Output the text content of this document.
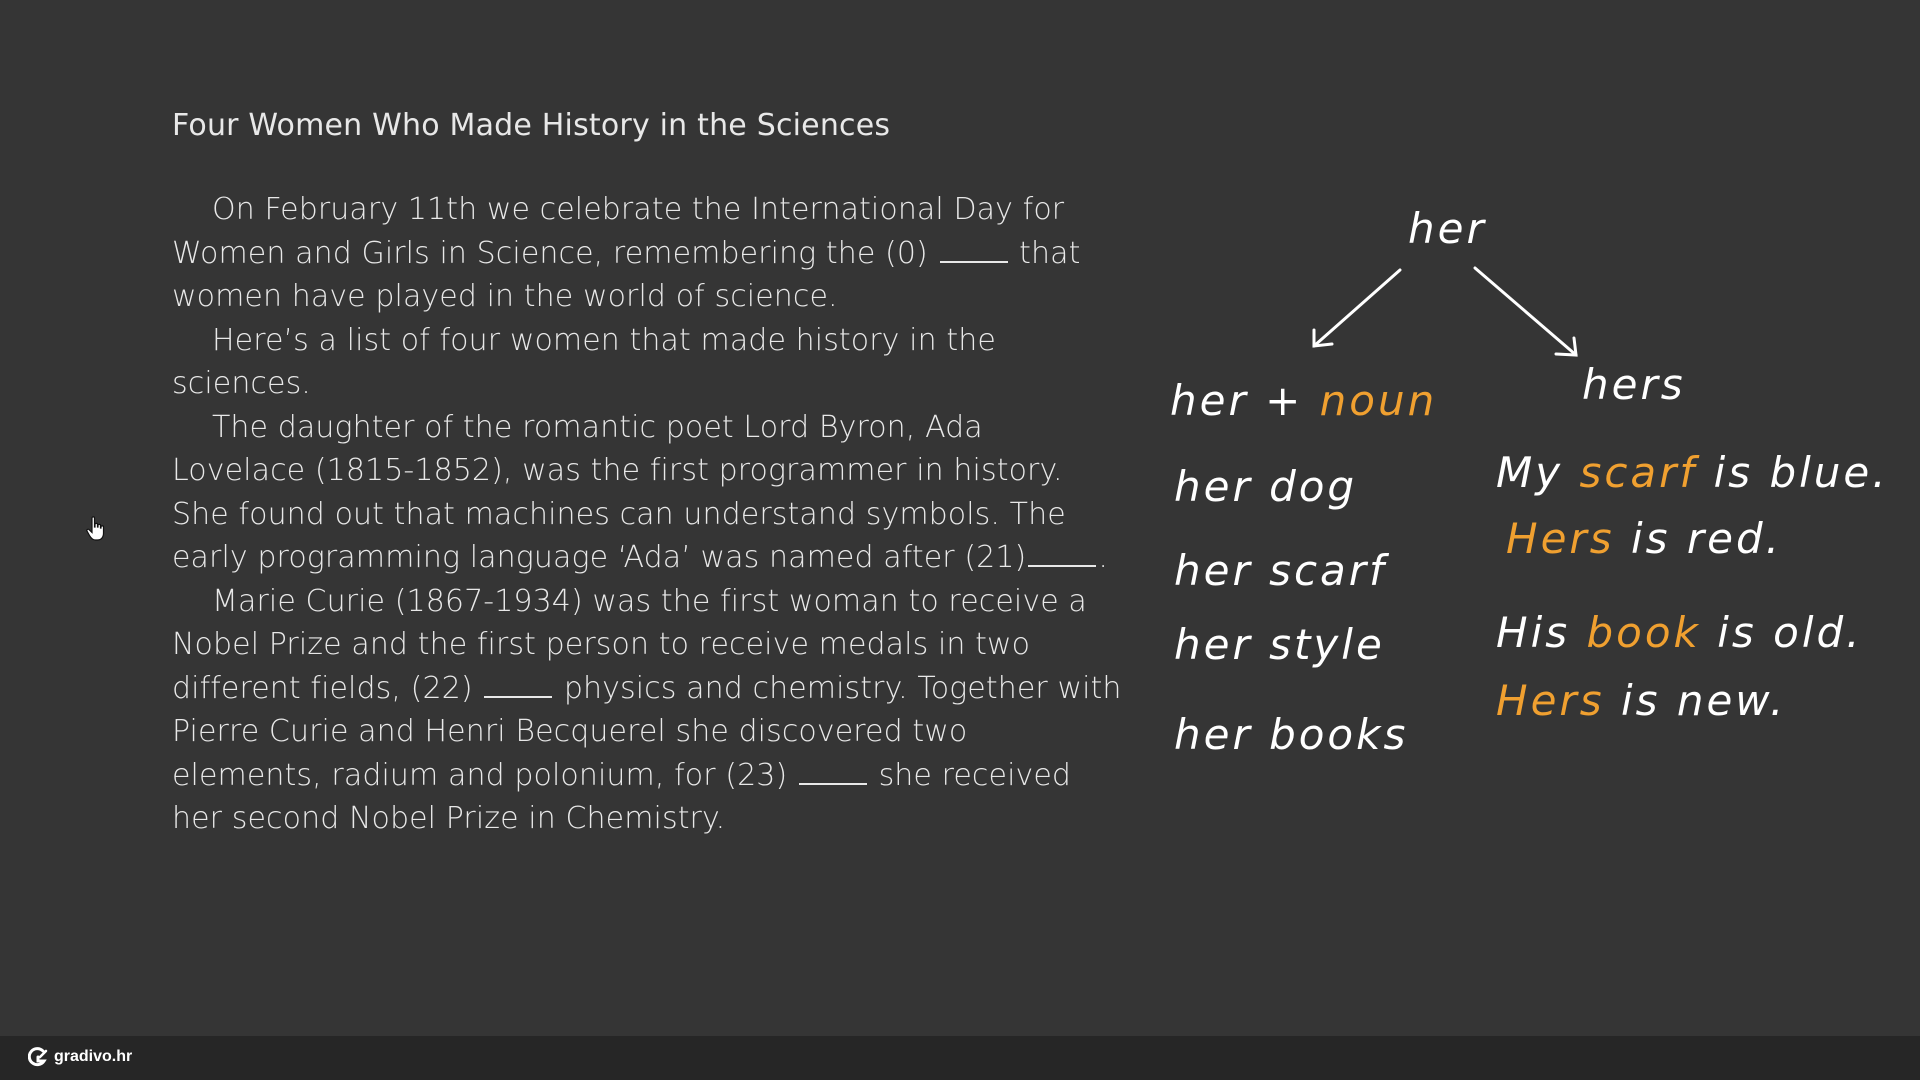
Four Women Who Made History in the Sciences

On February 11th we celebrate the International Day for Women and Girls in Science, remembering the (0)	that women have played in the world of science.

Here’s a list of four women that made history in the sciences.

The daughter of the romantic poet Lord Byron, Ada Lovelace (1815-1852), was the first programmer in history. She found out that machines can understand symbols. The early programming language ‘Ada’ was named after (21) .

Marie Curie (1867-1934) was the first woman to receive a Nobel Prize and the first person to receive medals in two different fields, (22)	physics and chemistry. Together with Pierre Curie and Henri Becquerel she discovered two elements, radium and polonium, for (23)	she received her second Nobel Prize in Chemistry.

her
her + noun
her dog
her scarf
her style
her books
hers
My scarf is blue.
Hers is red.
His book is old.
Hers is new.
gradivo.hr
